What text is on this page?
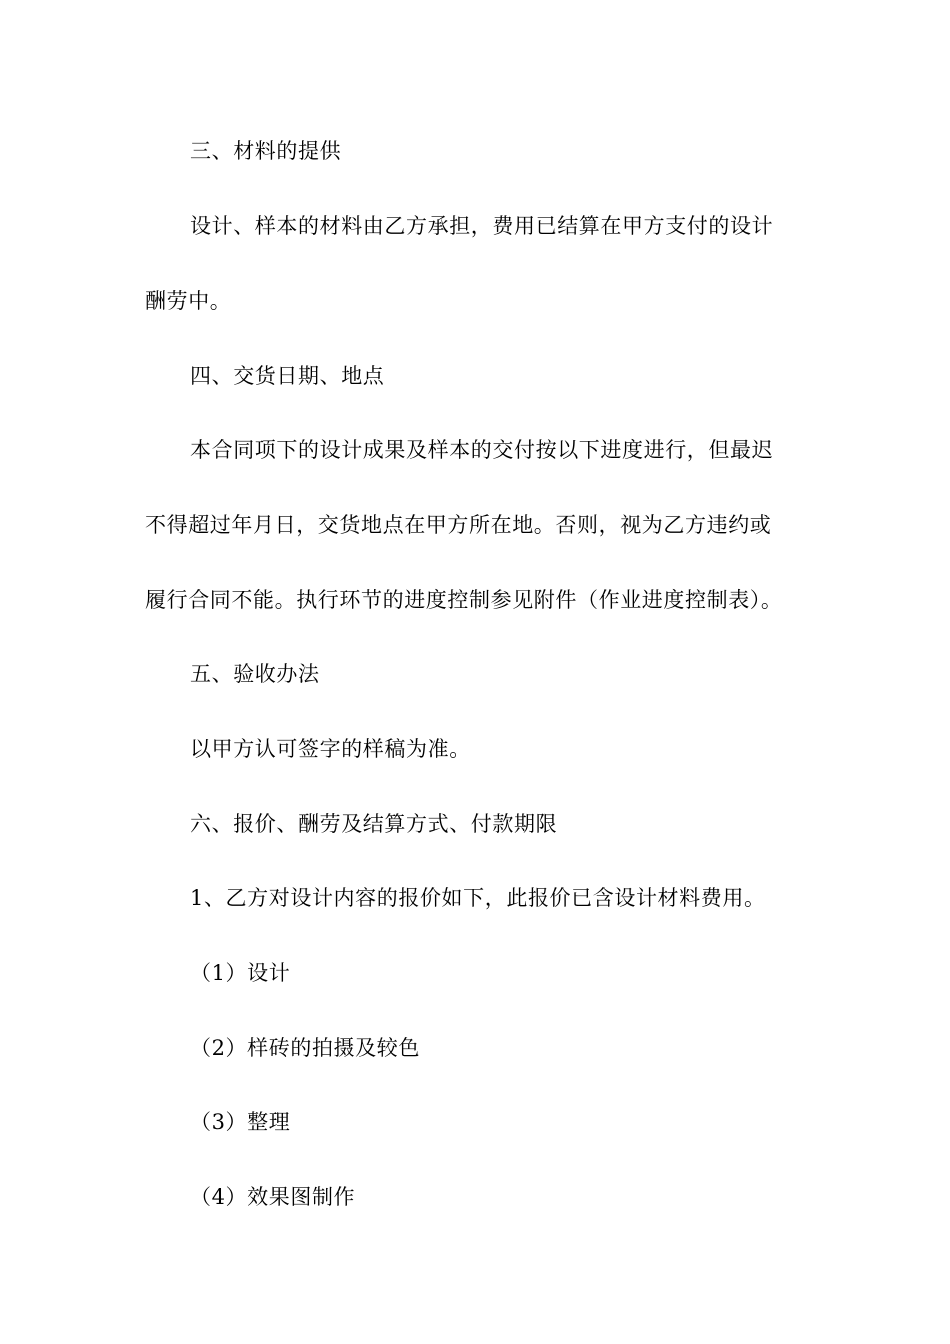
三、材料的提供
设计、样本的材料由乙方承担，费用已结算在甲方支付的设计
酬劳中。
四、交货日期、地点
本合同项下的设计成果及样本的交付按以下进度进行，但最迟
不得超过年月日，交货地点在甲方所在地。否则，视为乙方违约或
履行合同不能。执行环节的进度控制参见附件（作业进度控制表）。
五、验收办法
以甲方认可签字的样稿为准。
六、报价、酬劳及结算方式、付款期限
1、乙方对设计内容的报价如下，此报价已含设计材料费用。
（1）设计
（2）样砖的拍摄及较色
（3）整理
（4）效果图制作
